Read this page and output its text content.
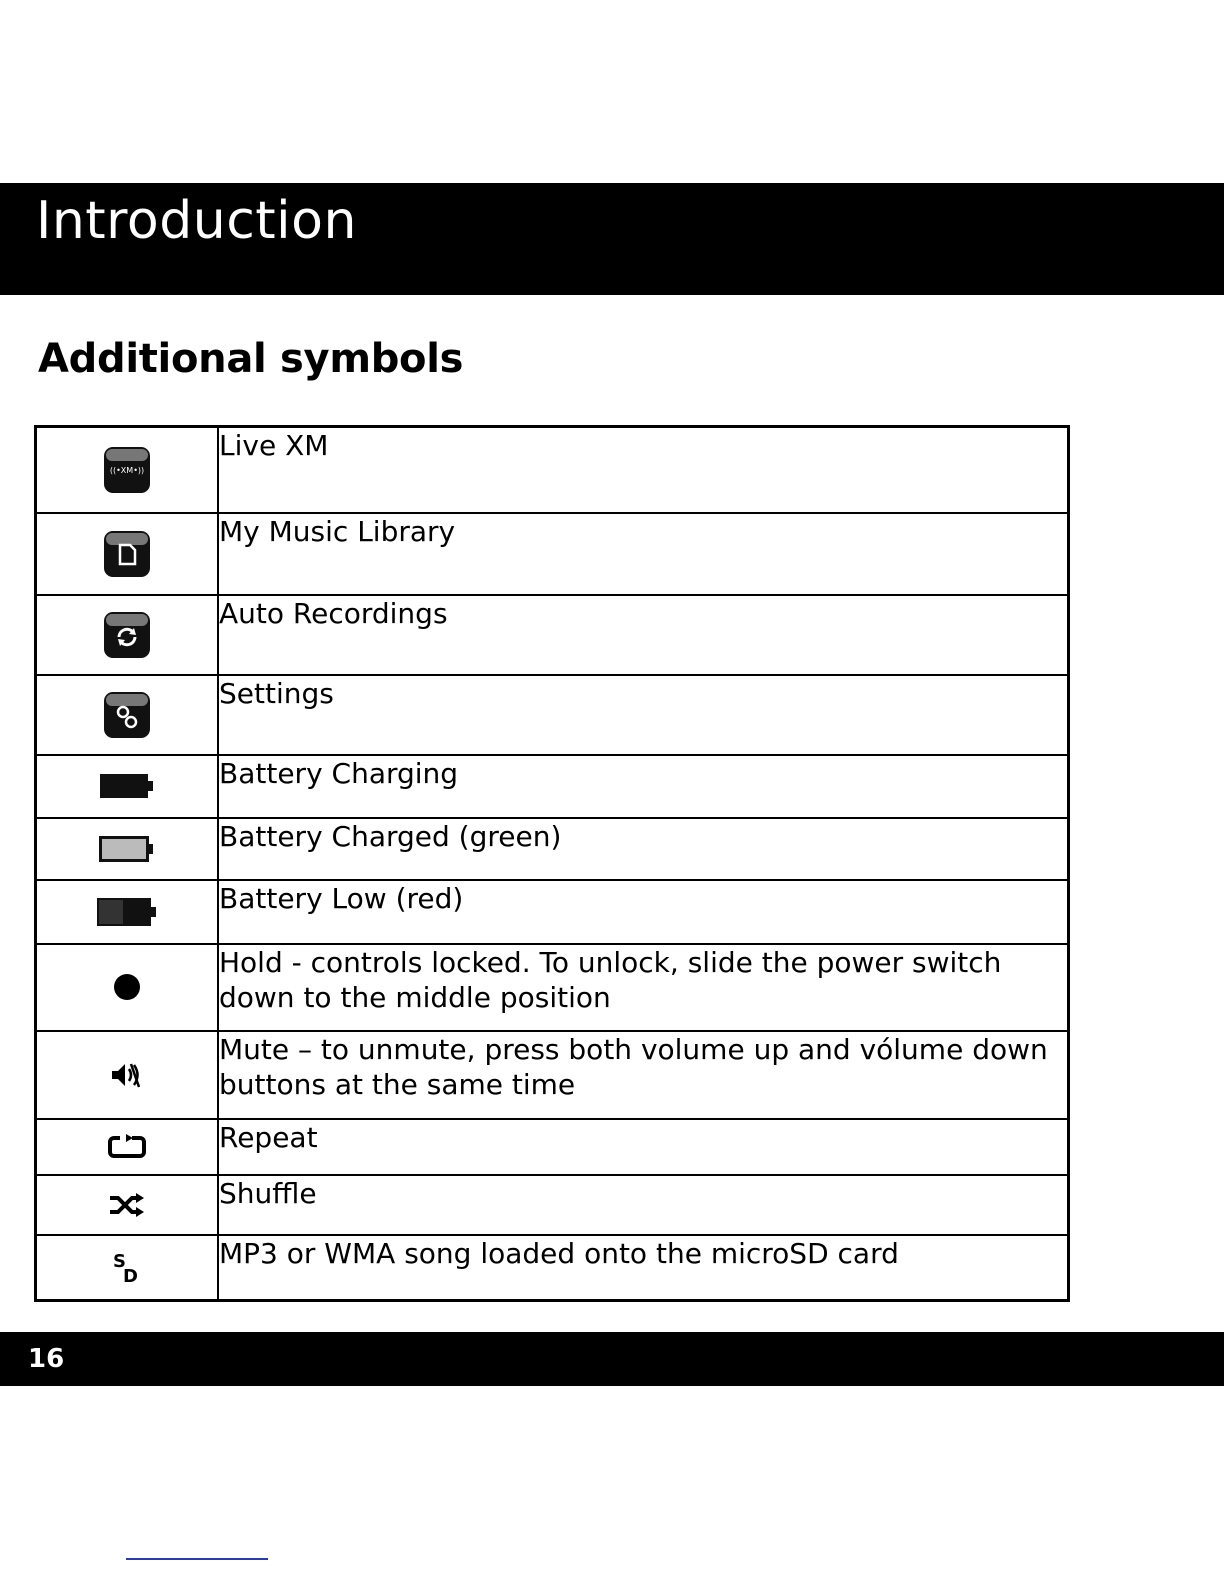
Introduction
Additional symbols
((•XM•))	Live XM

	My Music Library

	Auto Recordings

	Settings

	Battery Charging

	Battery Charged (green)

	Battery Low (red)

	Hold - controls locked. To unlock, slide the power switch down to the middle position

	Mute – to unmute, press both volume up and vólume down buttons at the same time

	Repeat

	Shuffle

S
D	MP3 or WMA song loaded onto the microSD card
16
